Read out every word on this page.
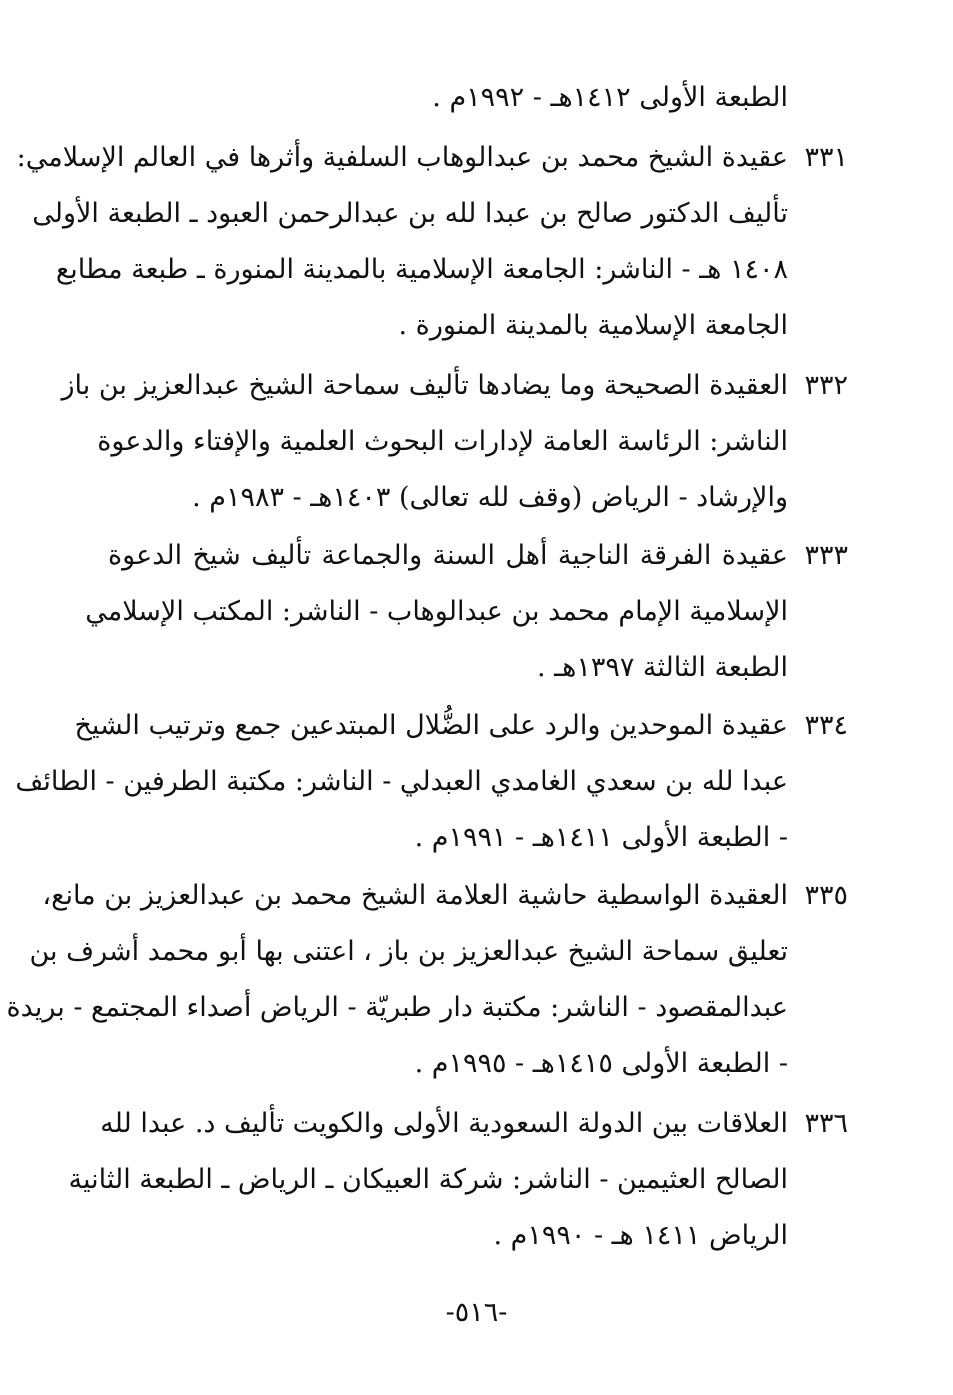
الطبعة الأولى ١٤١٢هـ - ١٩٩٢م .
٣٣١
عقيدة الشيخ محمد بن عبدالوهاب السلفية وأثرها في العالم الإسلامي:
تأليف الدكتور صالح بن عبدا لله بن عبدالرحمن العبود ـ الطبعة الأولى
١٤٠٨ هـ - الناشر: الجامعة الإسلامية بالمدينة المنورة ـ طبعة مطابع
الجامعة الإسلامية بالمدينة المنورة .
٣٣٢
العقيدة الصحيحة وما يضادها تأليف سماحة الشيخ عبدالعزيز بن باز
الناشر: الرئاسة العامة لإدارات البحوث العلمية والإفتاء والدعوة
والإرشاد - الرياض (وقف لله تعالى) ١٤٠٣هـ - ١٩٨٣م .
٣٣٣
عقيدة الفرقة الناجية أهل السنة والجماعة تأليف شيخ الدعوة
الإسلامية الإمام محمد بن عبدالوهاب - الناشر: المكتب الإسلامي
الطبعة الثالثة ١٣٩٧هـ .
٣٣٤
عقيدة الموحدين والرد على الضُّلال المبتدعين جمع وترتيب الشيخ
عبدا لله بن سعدي الغامدي العبدلي - الناشر: مكتبة الطرفين - الطائف
- الطبعة الأولى ١٤١١هـ - ١٩٩١م .
٣٣٥
العقيدة الواسطية حاشية العلامة الشيخ محمد بن عبدالعزيز بن مانع،
تعليق سماحة الشيخ عبدالعزيز بن باز ، اعتنى بها أبو محمد أشرف بن
عبدالمقصود - الناشر: مكتبة دار طبريّة - الرياض أصداء المجتمع - بريدة
- الطبعة الأولى ١٤١٥هـ - ١٩٩٥م .
٣٣٦
العلاقات بين الدولة السعودية الأولى والكويت تأليف د. عبدا لله
الصالح العثيمين - الناشر: شركة العبيكان ـ الرياض ـ الطبعة الثانية
الرياض ١٤١١ هـ - ١٩٩٠م .
-٥١٦-
